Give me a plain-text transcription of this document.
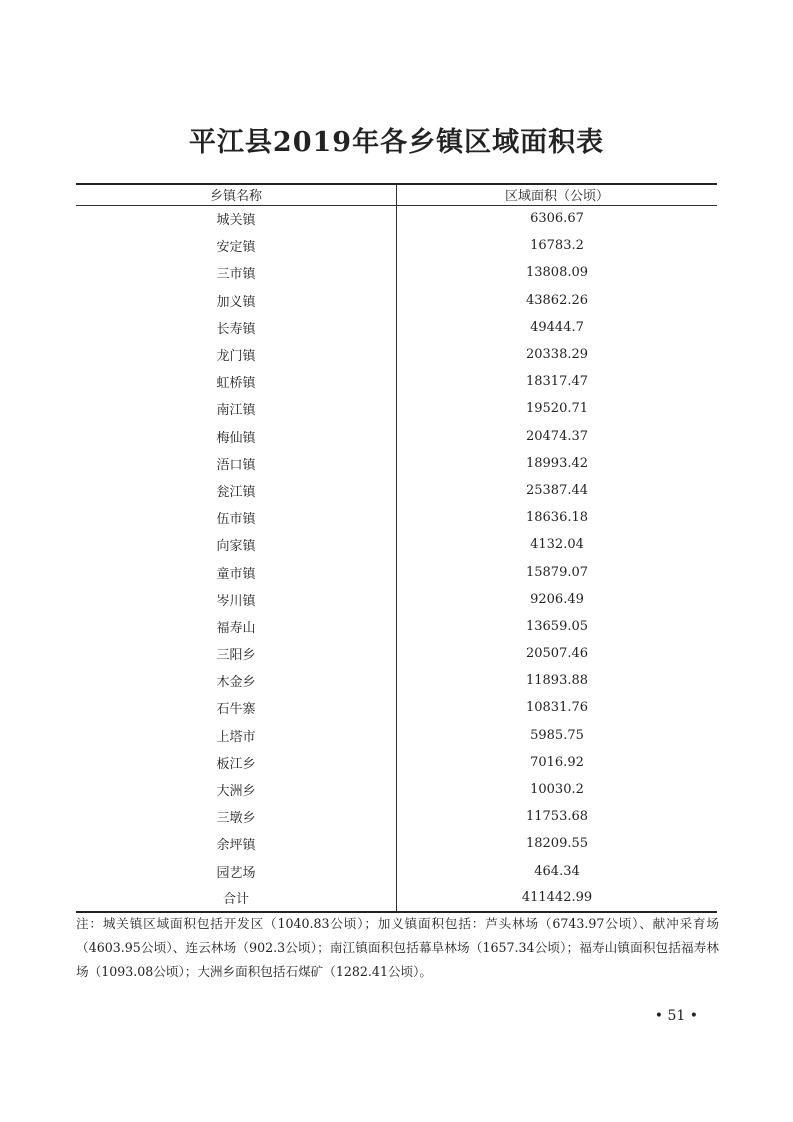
平江县2019年各乡镇区域面积表
乡镇名称	区域面积（公顷）
城关镇	6306.67
安定镇	16783.2
三市镇	13808.09
加义镇	43862.26
长寿镇	49444.7
龙门镇	20338.29
虹桥镇	18317.47
南江镇	19520.71
梅仙镇	20474.37
浯口镇	18993.42
瓮江镇	25387.44
伍市镇	18636.18
向家镇	4132.04
童市镇	15879.07
岑川镇	9206.49
福寿山	13659.05
三阳乡	20507.46
木金乡	11893.88
石牛寨	10831.76
上塔市	5985.75
板江乡	7016.92
大洲乡	10030.2
三墩乡	11753.68
余坪镇	18209.55
园艺场	464.34
合计	411442.99
注：城关镇区域面积包括开发区（1040.83公顷）；加义镇面积包括：芦头林场（6743.97公顷）、献冲采育场（4603.95公顷）、连云林场（902.3公顷）；南江镇面积包括幕阜林场（1657.34公顷）；福寿山镇面积包括福寿林场（1093.08公顷）；大洲乡面积包括石煤矿（1282.41公顷）。
• 51 •
